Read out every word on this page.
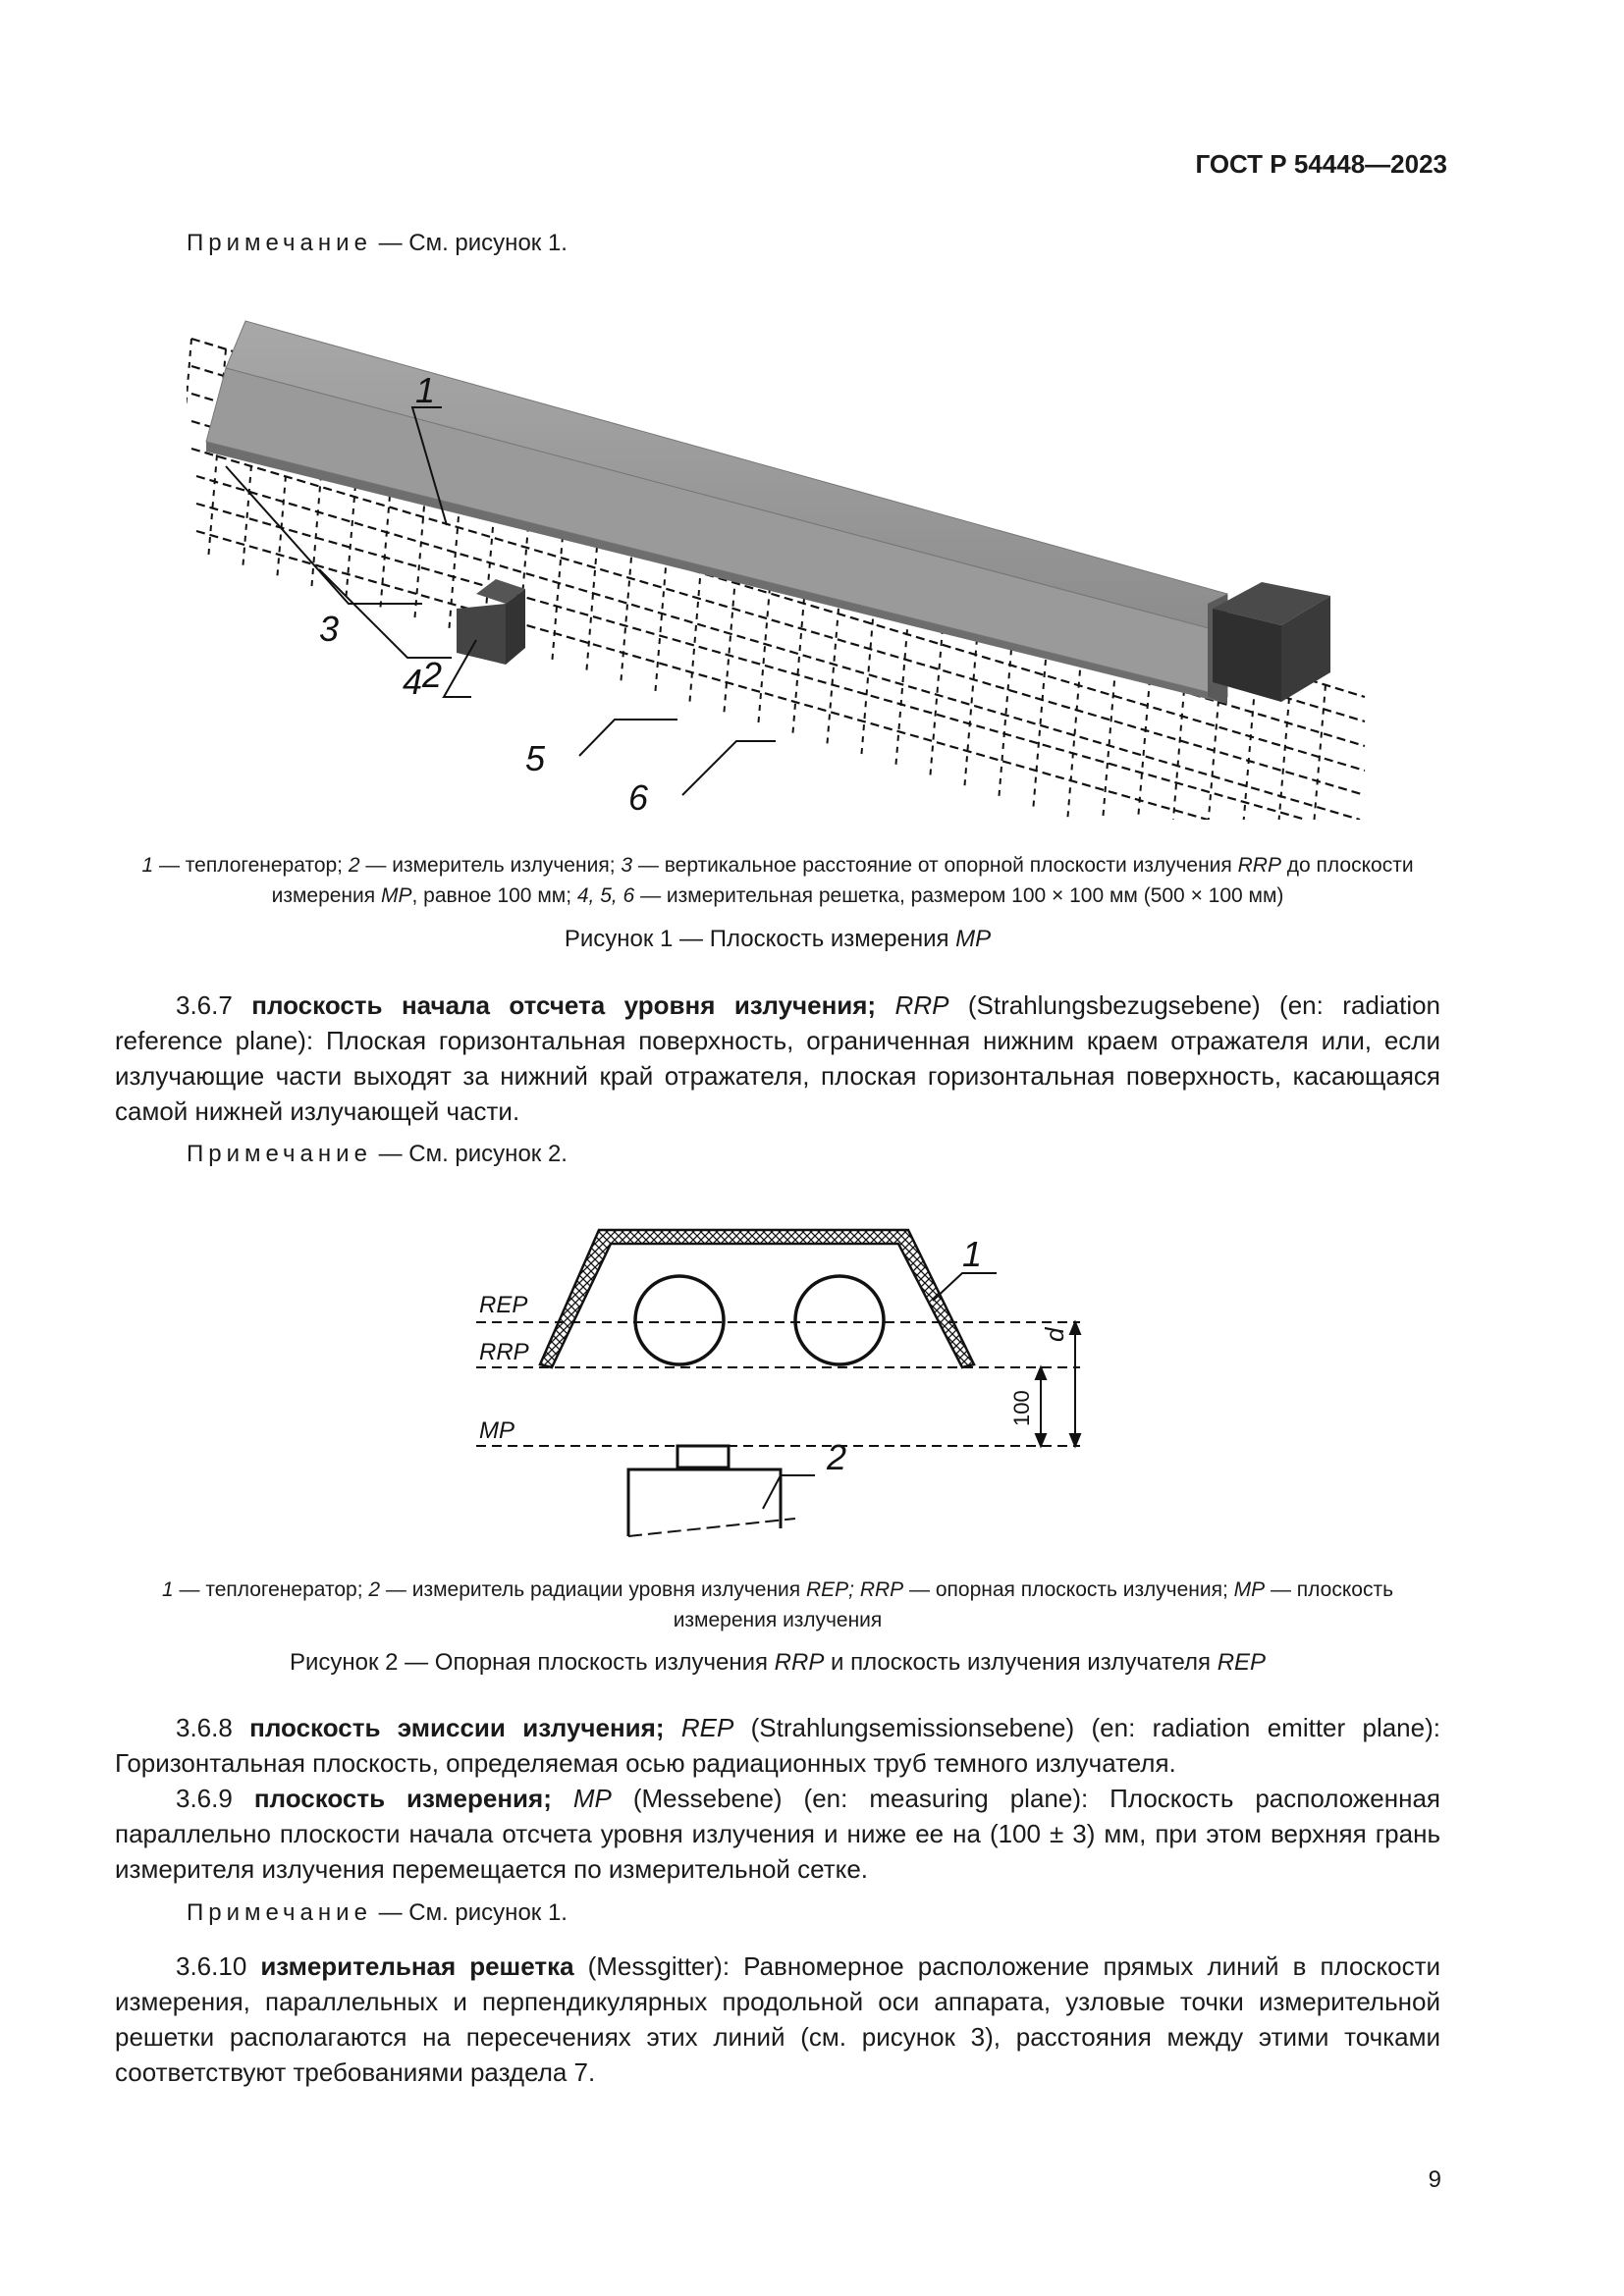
ГОСТ Р 54448—2023
Примечание — См. рисунок 1.
1
2
3
4
5
6
1 — теплогенератор; 2 — измеритель излучения; 3 — вертикальное расстояние от опорной плоскости излучения RRP до плоскости измерения MP, равное 100 мм; 4, 5, 6 — измерительная решетка, размером 100 × 100 мм (500 × 100 мм)
Рисунок 1 — Плоскость измерения MP

3.6.7 плоскость начала отсчета уровня излучения; RRP (Strahlungsbezugsebene) (en: radiation reference plane): Плоская горизонтальная поверхность, ограниченная нижним краем отражателя или, если излучающие части выходят за нижний край отражателя, плоская горизонтальная поверхность, касающаяся самой нижней излучающей части.

Примечание — См. рисунок 2.
REP
RRP
MP
1
2
d
100
1 — теплогенератор; 2 — измеритель радиации уровня излучения REP; RRP — опорная плоскость излучения; MP — плоскость измерения излучения
Рисунок 2 — Опорная плоскость излучения RRP и плоскость излучения излучателя REP

3.6.8 плоскость эмиссии излучения; REP (Strahlungsemissionsebene) (en: radiation emitter plane): Горизонтальная плоскость, определяемая осью радиационных труб темного излучателя.

3.6.9 плоскость измерения; MP (Messebene) (en: measuring plane): Плоскость расположенная параллельно плоскости начала отсчета уровня излучения и ниже ее на (100 ± 3) мм, при этом верхняя грань измерителя излучения перемещается по измерительной сетке.

Примечание — См. рисунок 1.

3.6.10 измерительная решетка (Messgitter): Равномерное расположение прямых линий в плоскости измерения, параллельных и перпендикулярных продольной оси аппарата, узловые точки измерительной решетки располагаются на пересечениях этих линий (см. рисунок 3), расстояния между этими точками соответствуют требованиями раздела 7.

9
